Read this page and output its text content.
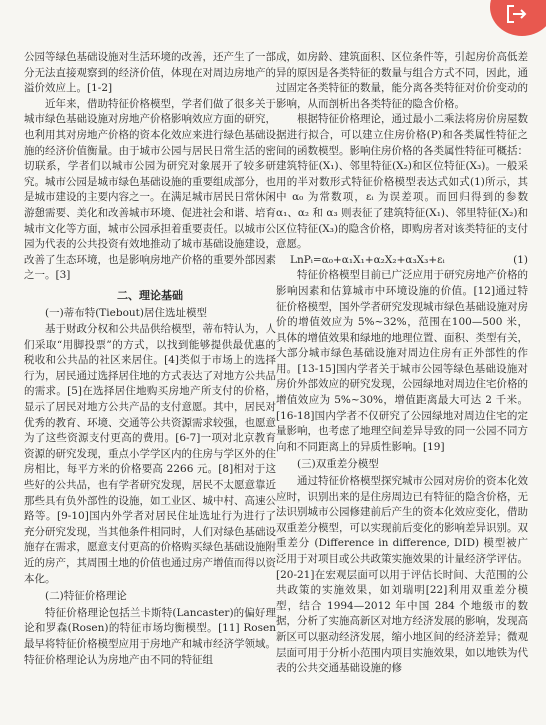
公园等绿色基础设施对生活环境的改善，还产生了一部分无法直接观察到的经济价值，体现在对周边房地产的溢价效应上。[1-2]

近年来，借助特征价格模型，学者们做了很多关于城市绿色基础设施对房地产价格影响效应方面的研究，也利用其对房地产价格的资本化效应来进行绿色基础设施的经济价值衡量。由于城市公园与居民日常生活的密切联系，学者们以城市公园为研究对象展开了较多研究。城市公园是城市绿色基础设施的重要组成部分，也是城市建设的主要内容之一。在满足城市居民日常休闲游憩需要、美化和改善城市环境、促进社会和谐、培育城市文化等方面，城市公园承担着重要责任。以城市公园为代表的公共投资有效地推动了城市基础设施建设，改善了生态环境，也是影响房地产价格的重要外部因素之一。[3]

二、理论基础
(一)蒂布特(Tiebout)居住选址模型

基于财政分权和公共品供给模型，蒂布特认为，人们采取“用脚投票”的方式，以找到能够提供最优惠的税收和公共品的社区来居住。[4]类似于市场上的选择行为，居民通过选择居住地的方式表达了对地方公共品的需求。[5]在选择居住地购买房地产所支付的价格，显示了居民对地方公共产品的支付意愿。其中，居民对优秀的教育、环境、交通等公共资源需求较强，也愿意为了这些资源支付更高的费用。[6-7]一项对北京教育资源的研究发现，重点小学学区内的住房与学区外的住房相比，每平方米的价格要高 2266 元。[8]相对于这些好的公共品，也有学者研究发现，居民不太愿意靠近那些具有负外部性的设施，如工业区、城中村、高速公路等。[9-10]国内外学者对居民住址选址行为进行了充分研究发现，当其他条件相同时，人们对绿色基础设施存在需求，愿意支付更高的价格购买绿色基础设施附近的房产，其周围土地的价值也通过房产增值而得以资本化。

(二)特征价格理论

特征价格理论包括兰卡斯特(Lancaster)的偏好理论和罗森(Rosen)的特征市场均衡模型。[11] Rosen最早将特征价格模型应用于房地产和城市经济学领域。特征价格理论认为房地产由不同的特征组

成，如房龄、建筑面积、区位条件等，引起房价高低差异的原因是各类特征的数量与组合方式不同，因此，通过固定各类特征的数量，能分离各类特征对价价变动的影响，从而剖析出各类特征的隐含价格。

根据特征价格理论，通过最小二乘法将房价房屋数据进行拟合，可以建立住房价格(P)和各类属性特征之间的函数模型。影响住房价格的各类属性特征可概括：建筑特征(X₁)、邻里特征(X₂)和区位特征(X₃)。一般采用的半对数形式特征价格模型表达式如式(1)所示，其中 α₀ 为常数项，εᵢ 为误差项。而回归得到的参数 α₁、α₂ 和 α₃ 则表征了建筑特征(X₁)、邻里特征(X₂)和区位特征(X₃)的隐含价格，即购房者对该类特征的支付意愿。

LnPᵢ=α₀+α₁X₁+α₂X₂+α₃X₃+εᵢ	(1)

特征价格模型目前已广泛应用于研究房地产价格的影响因素和估算城市中环境设施的价值。[12]通过特征价格模型，国外学者研究发现城市绿色基础设施对房价的增值效应为 5%~32%，范围在100—500 米，具体的增值效果和绿地的地理位置、面积、类型有关，大部分城市绿色基础设施对周边住房有正外部性的作用。[13-15]国内学者关于城市公园等绿色基础设施对房价外部效应的研究发现，公园绿地对周边住宅价格的增值效应为 5%~30%，增值距离最大可达 2 千米。[16-18]国内学者不仅研究了公园绿地对周边住宅的定量影响，也考虑了地理空间差异导致的同一公园不同方向和不同距离上的异质性影响。[19]

(三)双重差分模型

通过特征价格模型探究城市公园对房价的资本化效应时，识别出来的是住房周边已有特征的隐含价格，无法识别城市公园修建前后产生的资本化效应变化，借助双重差分模型，可以实现前后变化的影响差异识别。双重差分 (Difference in difference, DID) 模型被广泛用于对项目或公共政策实施效果的计量经济学评估。[20-21]在宏观层面可以用于评估长时间、大范围的公共政策的实施效果，如刘瑞明[22]利用双重差分模型，结合 1994—2012 年中国 284 个地级市的数据，分析了实施高新区对地方经济发展的影响，发现高新区可以驱动经济发展，缩小地区间的经济差异；微观层面可用于分析小范围内项目实施效果，如以地铁为代表的公共交通基础设施的修
